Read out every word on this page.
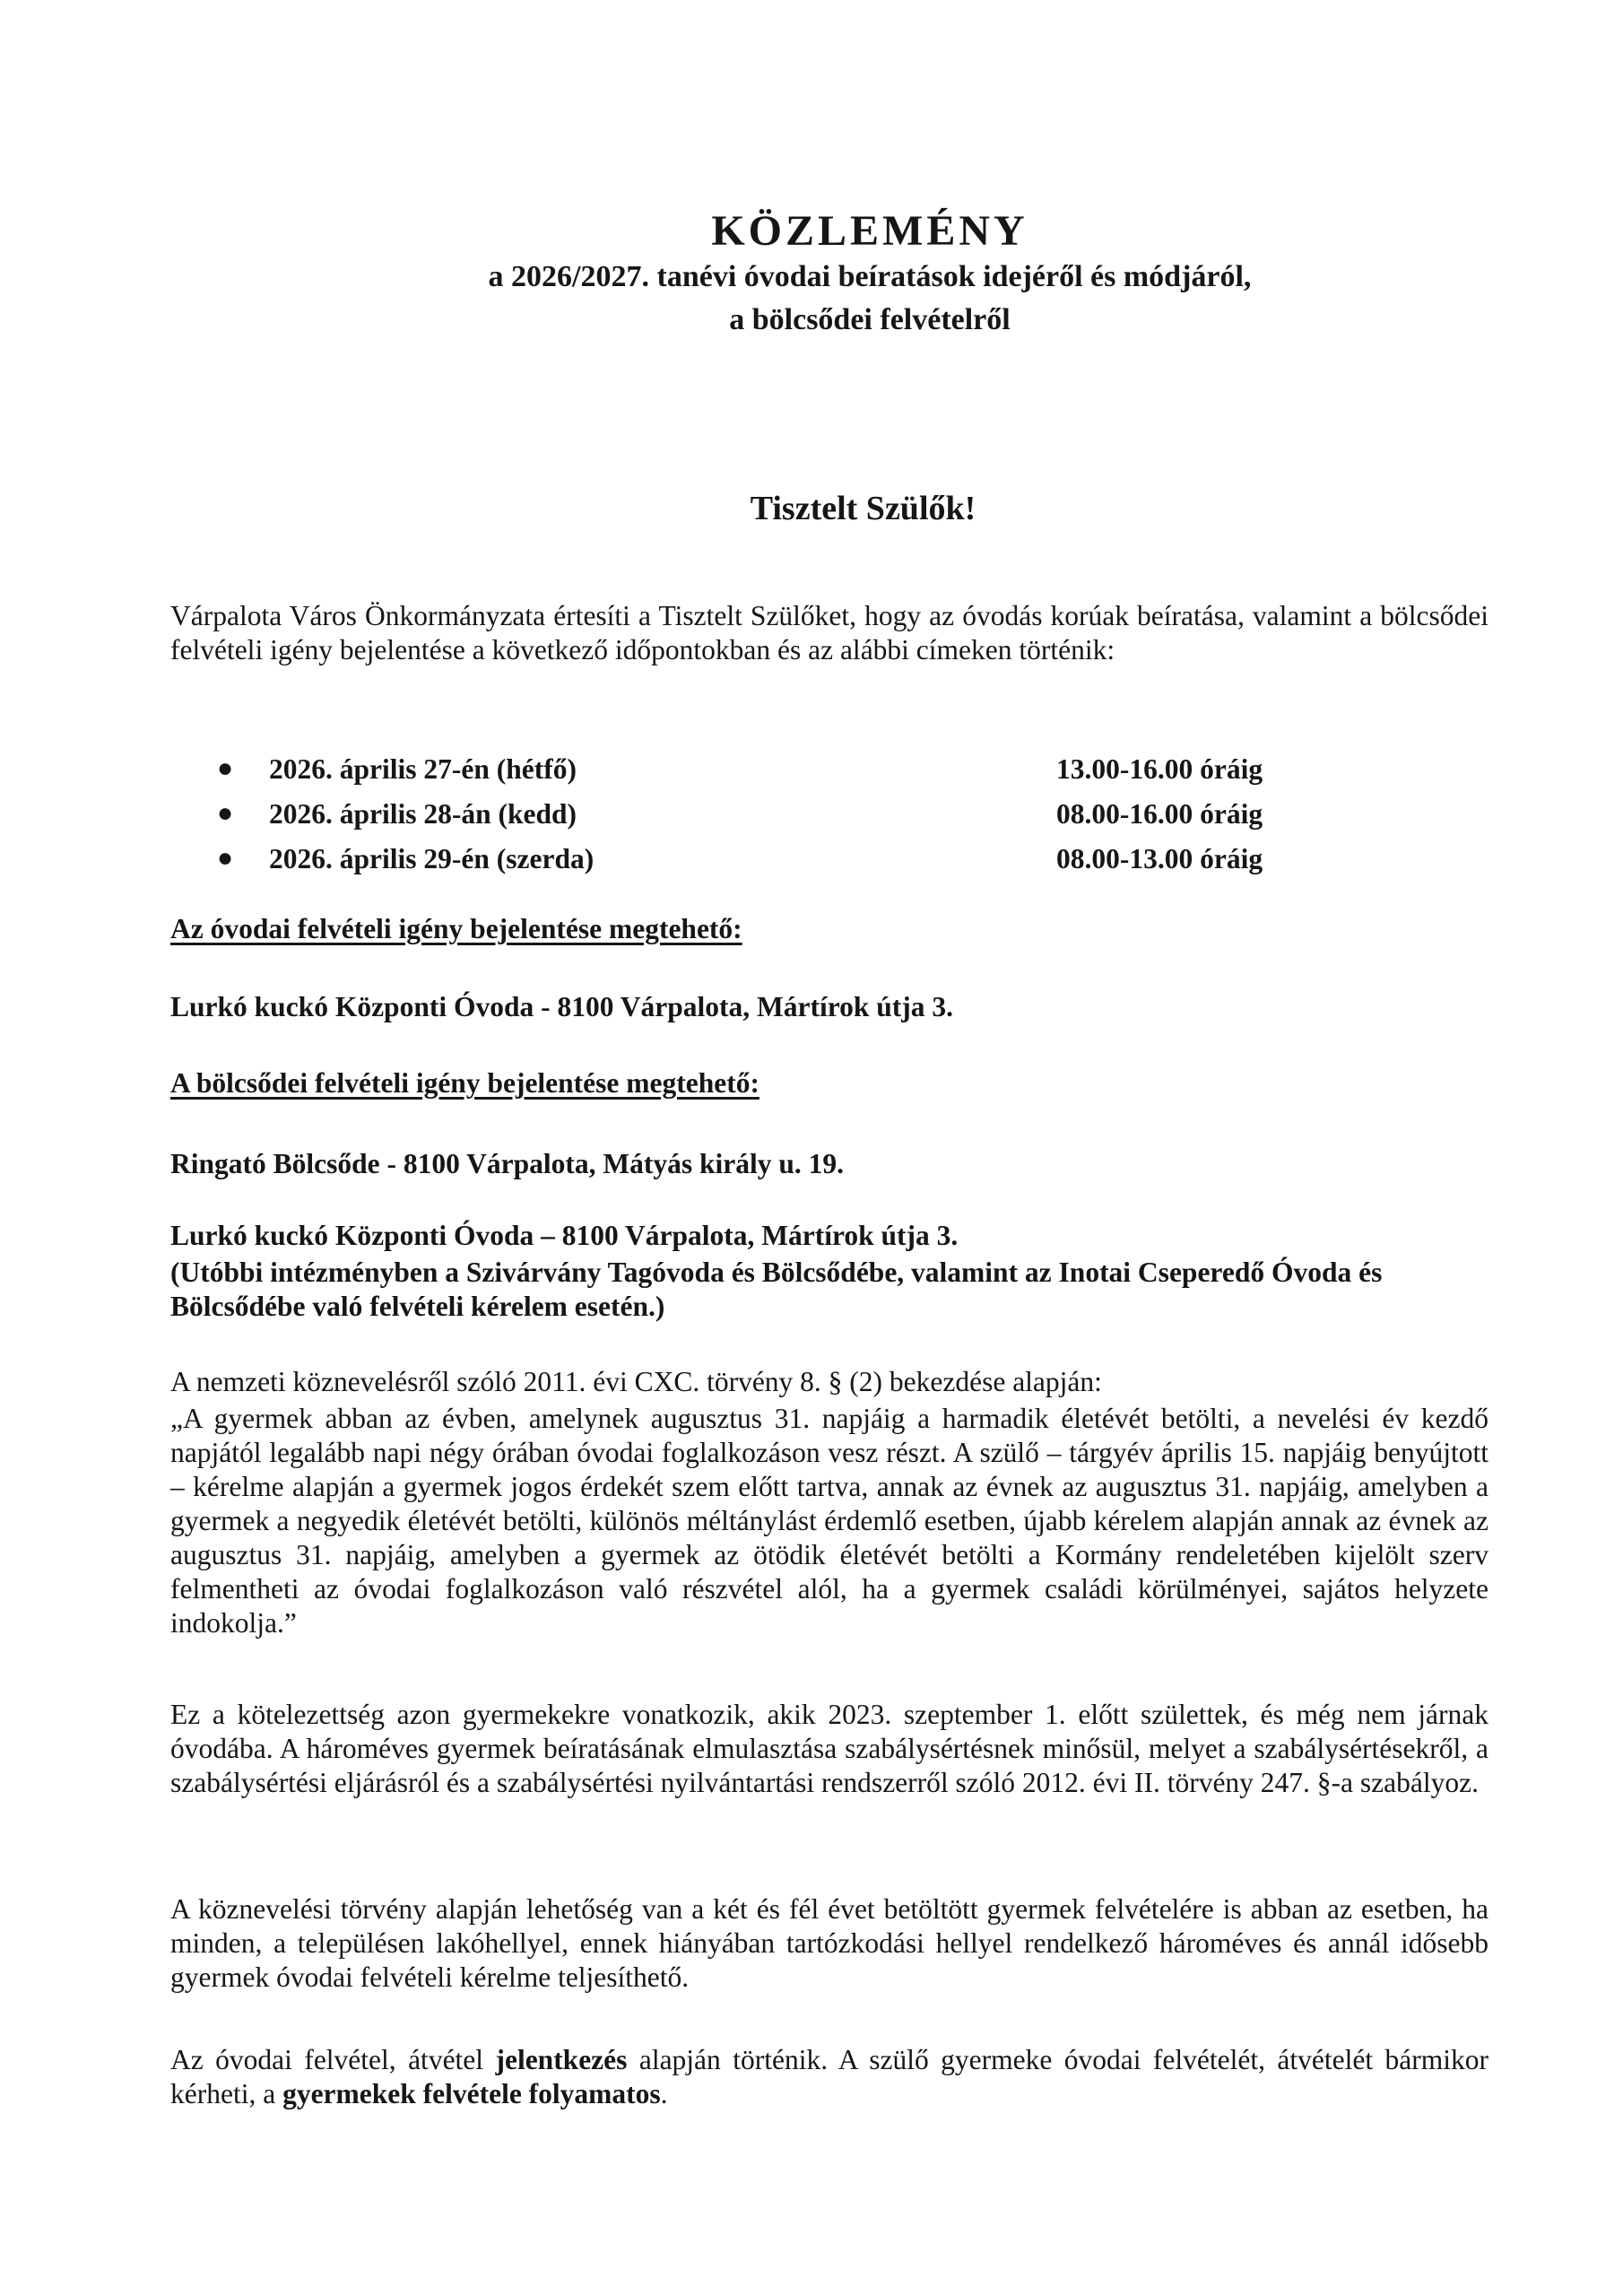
KÖZLEMÉNY
a 2026/2027. tanévi óvodai beíratások idejéről és módjáról,
a bölcsődei felvételről
Tisztelt Szülők!
Várpalota Város Önkormányzata értesíti a Tisztelt Szülőket, hogy az óvodás korúak beíratása, valamint a bölcsődei felvételi igény bejelentése a következő időpontokban és az alábbi címeken történik:
● 2026. április 27-én (hétfő)	13.00-16.00 óráig
● 2026. április 28-án (kedd)	08.00-16.00 óráig
● 2026. április 29-én (szerda)	08.00-13.00 óráig
Az óvodai felvételi igény bejelentése megtehető:
Lurkó kuckó Központi Óvoda - 8100 Várpalota, Mártírok útja 3.
A bölcsődei felvételi igény bejelentése megtehető:
Ringató Bölcsőde - 8100 Várpalota, Mátyás király u. 19.
Lurkó kuckó Központi Óvoda – 8100 Várpalota, Mártírok útja 3.
(Utóbbi intézményben a Szivárvány Tagóvoda és Bölcsődébe, valamint az Inotai Cseperedő Óvoda és Bölcsődébe való felvételi kérelem esetén.)
A nemzeti köznevelésről szóló 2011. évi CXC. törvény 8. § (2) bekezdése alapján:
„A gyermek abban az évben, amelynek augusztus 31. napjáig a harmadik életévét betölti, a nevelési év kezdő napjától legalább napi négy órában óvodai foglalkozáson vesz részt. A szülő – tárgyév április 15. napjáig benyújtott – kérelme alapján a gyermek jogos érdekét szem előtt tartva, annak az évnek az augusztus 31. napjáig, amelyben a gyermek a negyedik életévét betölti, különös méltánylást érdemlő esetben, újabb kérelem alapján annak az évnek az augusztus 31. napjáig, amelyben a gyermek az ötödik életévét betölti a Kormány rendeletében kijelölt szerv felmentheti az óvodai foglalkozáson való részvétel alól, ha a gyermek családi körülményei, sajátos helyzete indokolja.”
Ez a kötelezettség azon gyermekekre vonatkozik, akik 2023. szeptember 1. előtt születtek, és még nem járnak óvodába. A hároméves gyermek beíratásának elmulasztása szabálysértésnek minősül, melyet a szabálysértésekről, a szabálysértési eljárásról és a szabálysértési nyilvántartási rendszerről szóló 2012. évi II. törvény 247. §-a szabályoz.
A köznevelési törvény alapján lehetőség van a két és fél évet betöltött gyermek felvételére is abban az esetben, ha minden, a településen lakóhellyel, ennek hiányában tartózkodási hellyel rendelkező hároméves és annál idősebb gyermek óvodai felvételi kérelme teljesíthető.
Az óvodai felvétel, átvétel jelentkezés alapján történik. A szülő gyermeke óvodai felvételét, átvételét bármikor kérheti, a gyermekek felvétele folyamatos.
